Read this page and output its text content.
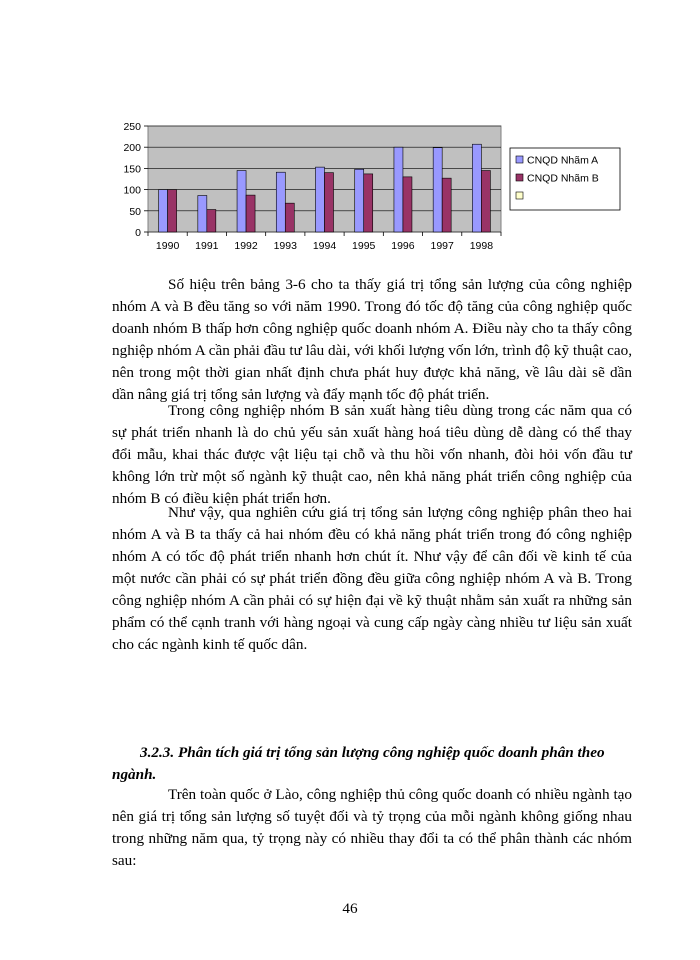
0
50
100
150
200
250
1990 1991 1992 1993 1994 1995 1996 1997 1998
CNQD Nhãm A
CNQD Nhãm B

Số hiệu trên bảng 3-6 cho ta thấy giá trị tổng sản lượng của công nghiệp nhóm A và B đều tăng so với năm 1990. Trong đó tốc độ tăng của công nghiệp quốc doanh nhóm B thấp hơn công nghiệp quốc doanh nhóm A. Điều này cho ta thấy công nghiệp nhóm A cần phải đầu tư lâu dài, với khối lượng vốn lớn, trình độ kỹ thuật cao, nên trong một thời gian nhất định chưa phát huy được khả năng, về lâu dài sẽ dần dần nâng giá trị tổng sản lượng và đẩy mạnh tốc độ phát triển.

Trong công nghiệp nhóm B sản xuất hàng tiêu dùng trong các năm qua có sự phát triển nhanh là do chủ yếu sản xuất hàng hoá tiêu dùng dễ dàng có thể thay đổi mẫu, khai thác được vật liệu tại chỗ và thu hồi vốn nhanh, đòi hỏi vốn đầu tư không lớn trừ một số ngành kỹ thuật cao, nên khả năng phát triển công nghiệp của nhóm B có điều kiện phát triển hơn.

Như vậy, qua nghiên cứu giá trị tổng sản lượng công nghiệp phân theo hai nhóm A và B ta thấy cả hai nhóm đều có khả năng phát triển trong đó công nghiệp nhóm A có tốc độ phát triển nhanh hơn chút ít. Như vậy để cân đối về kinh tế của một nước cần phải có sự phát triển đồng đều giữa công nghiệp nhóm A và B. Trong công nghiệp nhóm A cần phải có sự hiện đại về kỹ thuật nhằm sản xuất ra những sản phẩm có thể cạnh tranh với hàng ngoại và cung cấp ngày càng nhiều tư liệu sản xuất cho các ngành kinh tế quốc dân.

3.2.3. Phân tích giá trị tổng sản lượng công nghiệp quốc doanh phân theo ngành.

Trên toàn quốc ở Lào, công nghiệp thủ công quốc doanh có nhiều ngành tạo nên giá trị tổng sản lượng số tuyệt đối và tỷ trọng của mỗi ngành không giống nhau trong những năm qua, tỷ trọng này có nhiều thay đổi ta có thể phân thành các nhóm sau:

46
